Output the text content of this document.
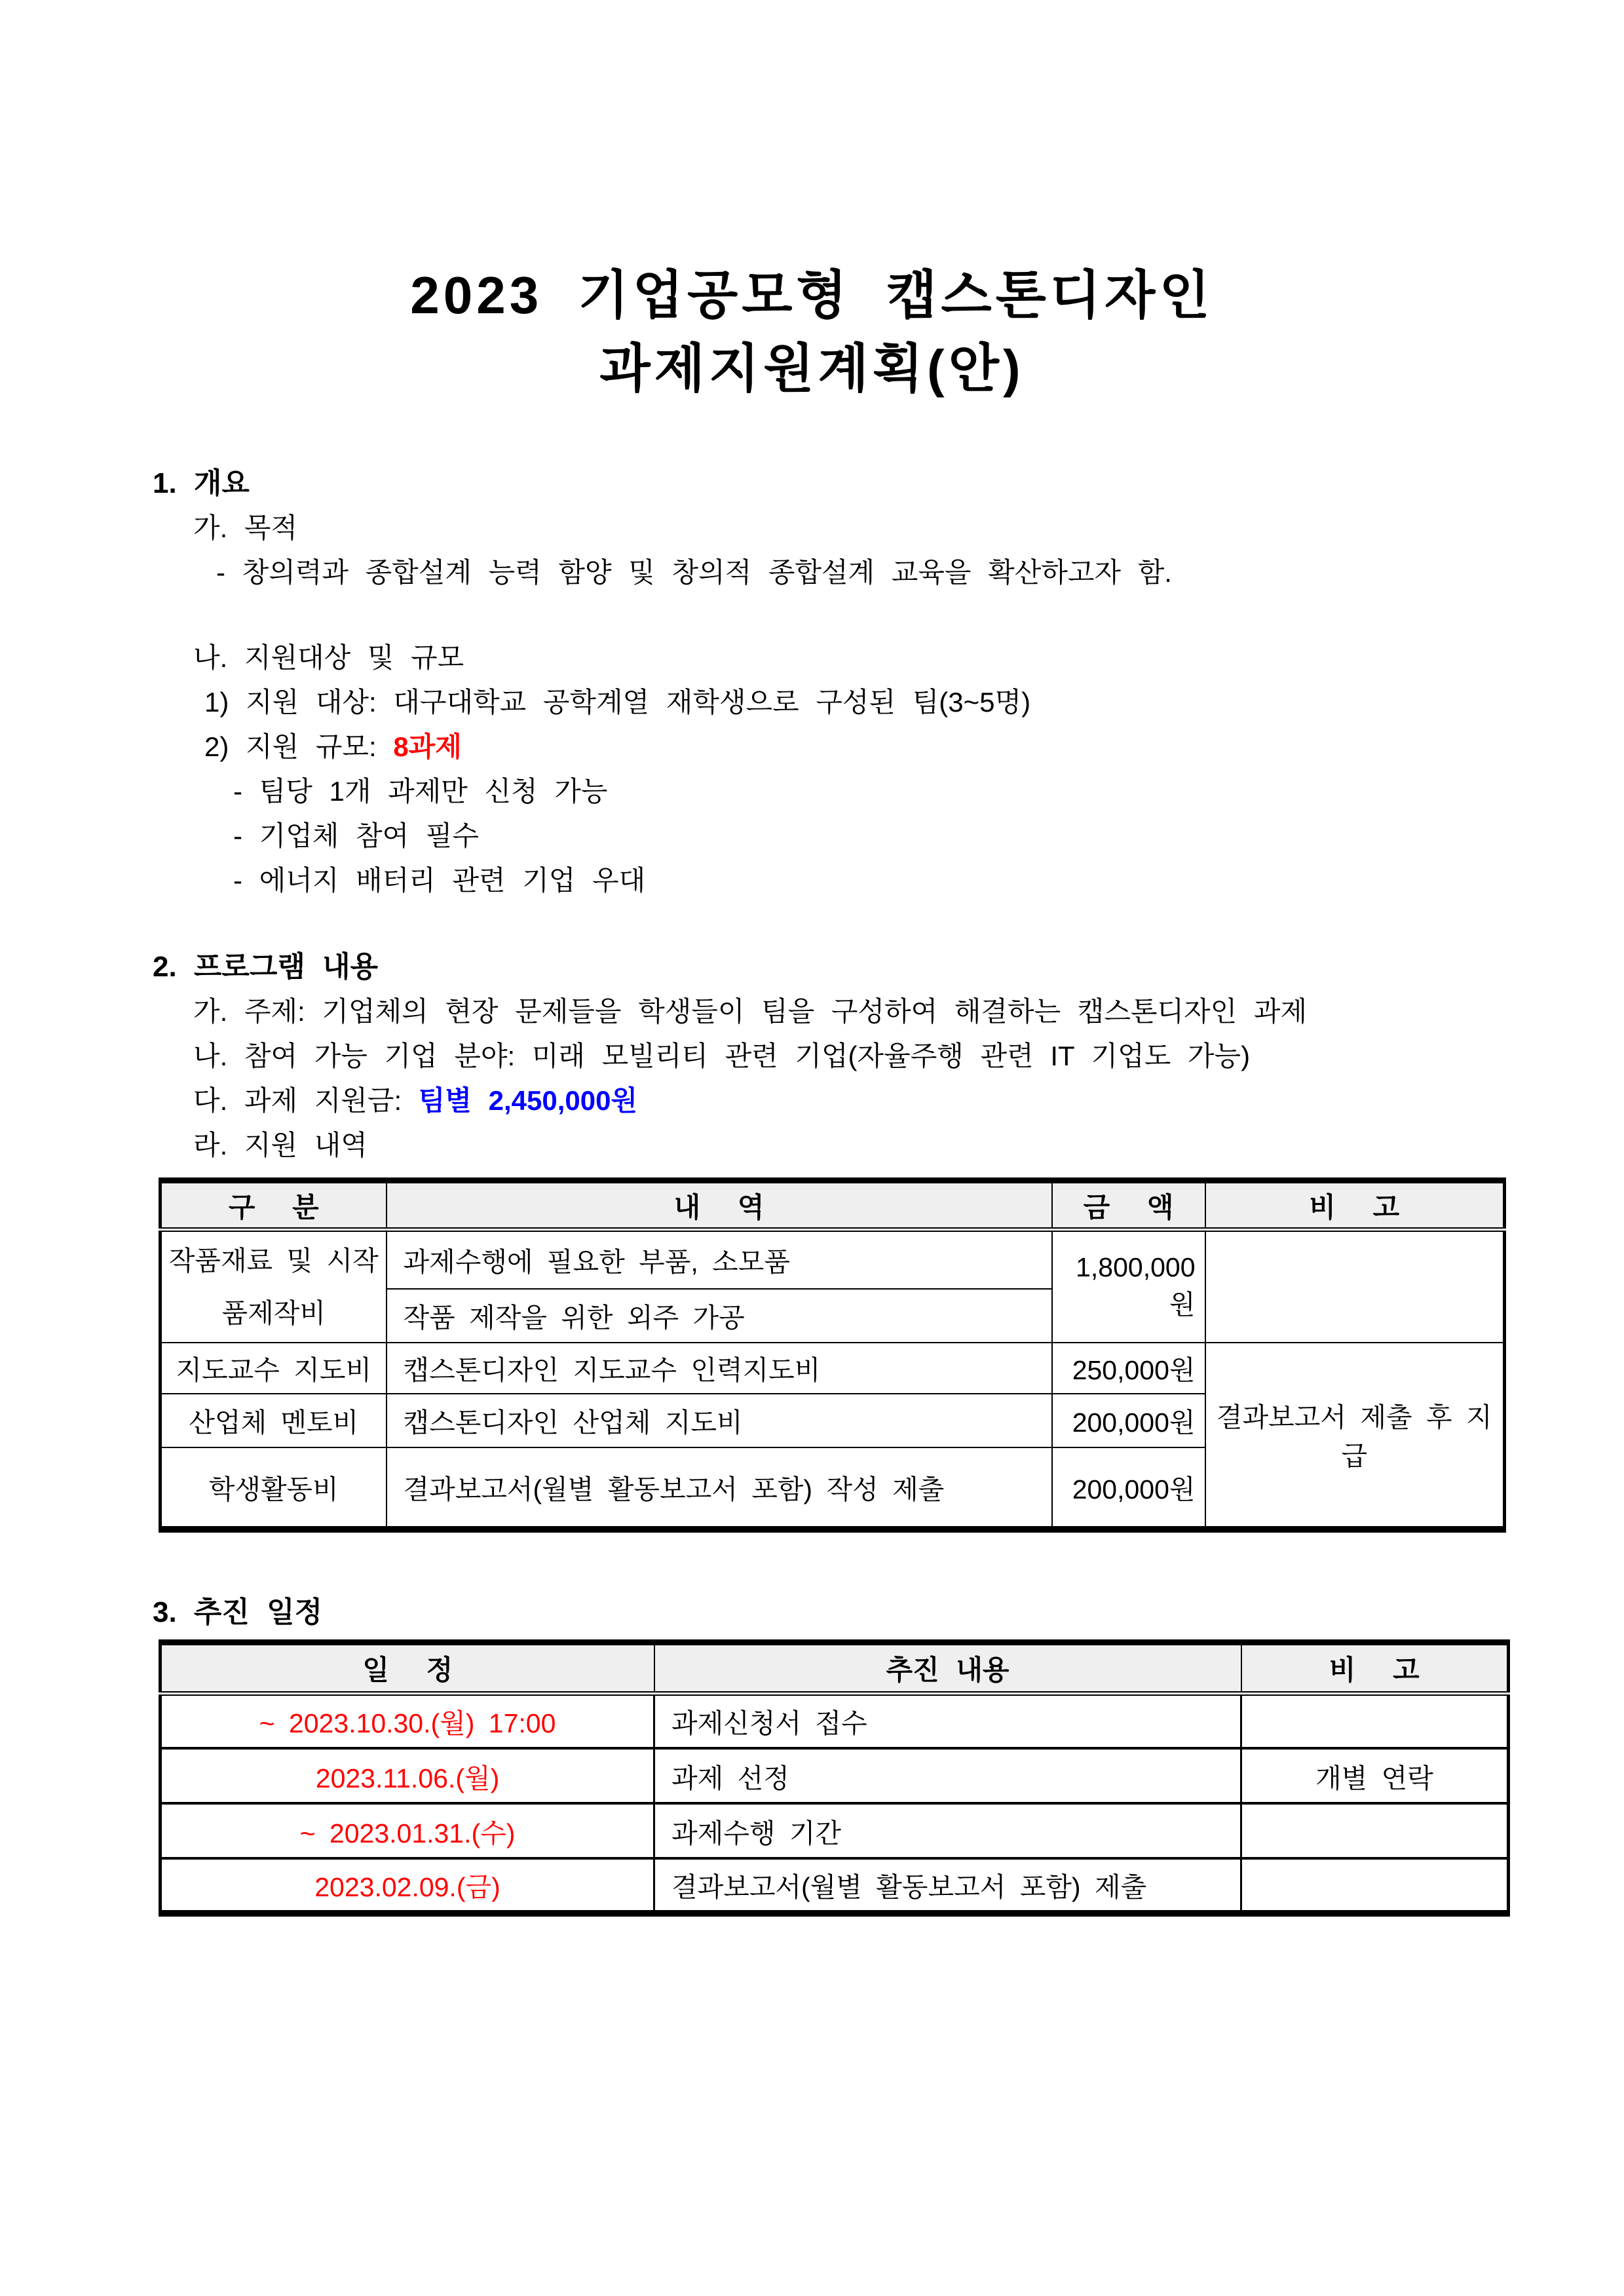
2023 기업공모형 캡스톤디자인
과제지원계획(안)
1. 개요
가. 목적
- 창의력과 종합설계 능력 함양 및 창의적 종합설계 교육을 확산하고자 함.
나. 지원대상 및 규모
1) 지원 대상: 대구대학교 공학계열 재학생으로 구성된 팀(3~5명)
2) 지원 규모: 8과제
- 팀당 1개 과제만 신청 가능
- 기업체 참여 필수
- 에너지 배터리 관련 기업 우대
2. 프로그램 내용
가. 주제: 기업체의 현장 문제들을 학생들이 팀을 구성하여 해결하는 캡스톤디자인 과제
나. 참여 가능 기업 분야: 미래 모빌리티 관련 기업(자율주행 관련 IT 기업도 가능)
다. 과제 지원금: 팀별 2,450,000원
라. 지원 내역
구 분	내 역	금 액	비 고
작품재료 및 시작품제작비	과제수행에 필요한 부품, 소모품	1,800,000원	
	작품 제작을 위한 외주 가공		
지도교수 지도비	캡스톤디자인 지도교수 인력지도비	250,000원	결과보고서 제출 후 지급
산업체 멘토비	캡스톤디자인 산업체 지도비	200,000원	
학생활동비	결과보고서(월별 활동보고서 포함) 작성 제출	200,000원	
3. 추진 일정
일 정	추진 내용	비 고
~ 2023.10.30.(월) 17:00	과제신청서 접수	
2023.11.06.(월)	과제 선정	개별 연락
~ 2023.01.31.(수)	과제수행 기간	
2023.02.09.(금)	결과보고서(월별 활동보고서 포함) 제출	
